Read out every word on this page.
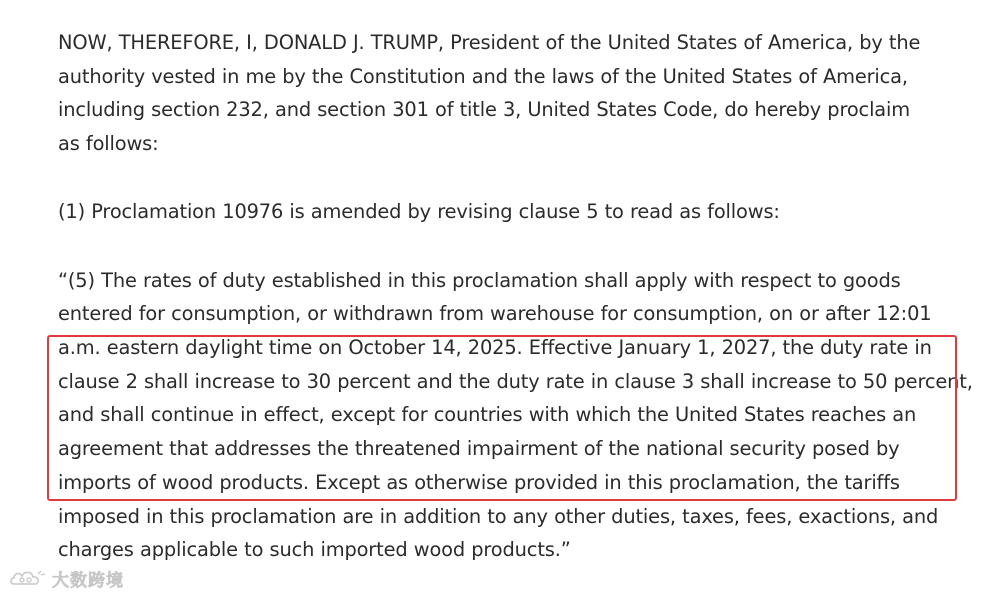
NOW, THEREFORE, I, DONALD J. TRUMP, President of the United States of America, by the
authority vested in me by the Constitution and the laws of the United States of America,
including section 232, and section 301 of title 3, United States Code, do hereby proclaim
as follows:
(1) Proclamation 10976 is amended by revising clause 5 to read as follows:
“(5) The rates of duty established in this proclamation shall apply with respect to goods
entered for consumption, or withdrawn from warehouse for consumption, on or after 12:01
a.m. eastern daylight time on October 14, 2025. Effective January 1, 2027, the duty rate in
clause 2 shall increase to 30 percent and the duty rate in clause 3 shall increase to 50 percent,
and shall continue in effect, except for countries with which the United States reaches an
agreement that addresses the threatened impairment of the national security posed by
imports of wood products. Except as otherwise provided in this proclamation, the tariffs
imposed in this proclamation are in addition to any other duties, taxes, fees, exactions, and
charges applicable to such imported wood products.”
大数跨境
